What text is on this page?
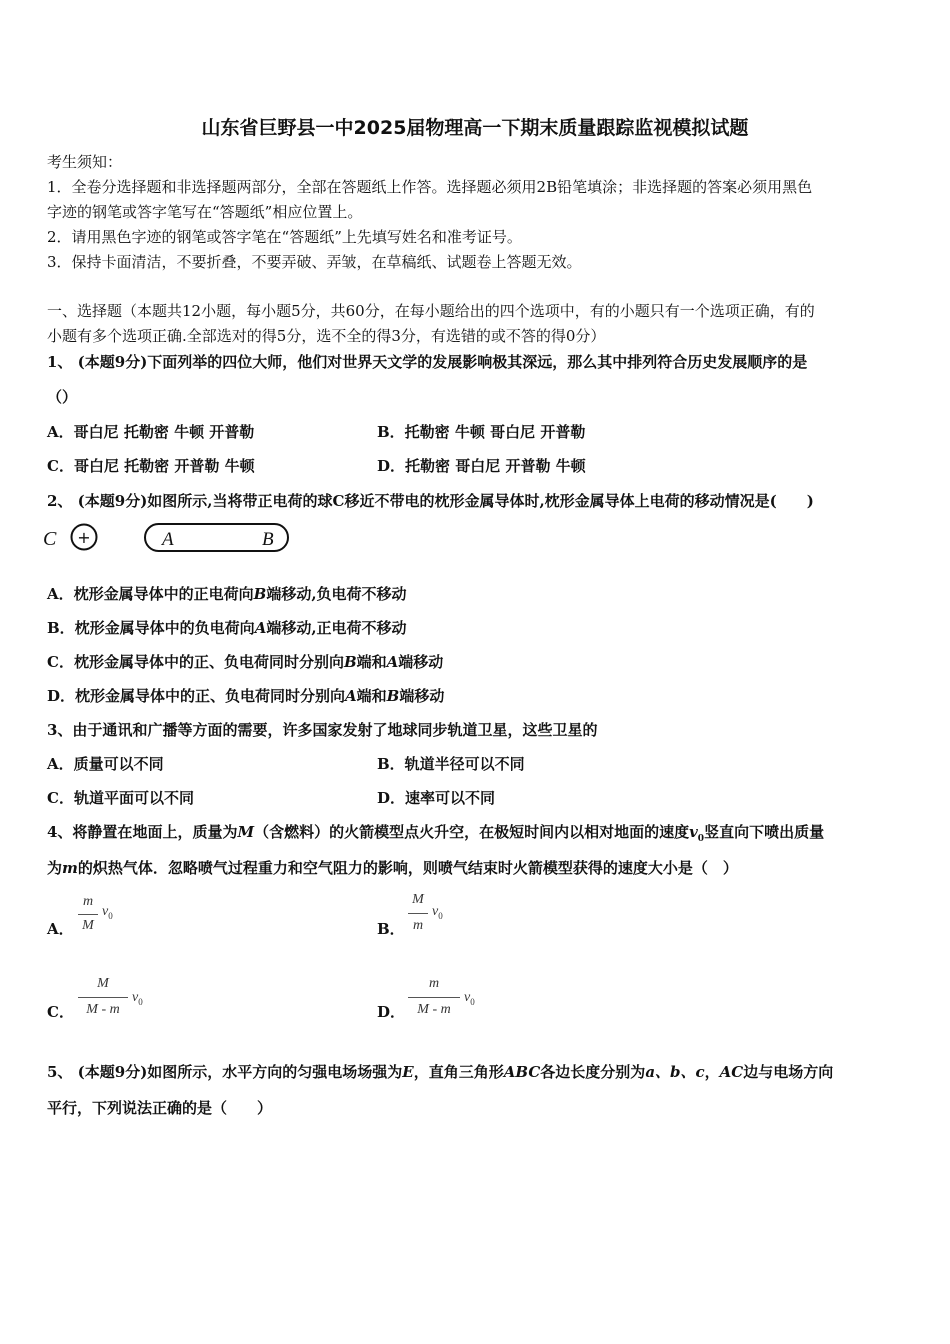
山东省巨野县一中2025届物理高一下期末质量跟踪监视模拟试题
考生须知：
1．全卷分选择题和非选择题两部分，全部在答题纸上作答。选择题必须用2B铅笔填涂；非选择题的答案必须用黑色
字迹的钢笔或答字笔写在“答题纸”相应位置上。
2．请用黑色字迹的钢笔或答字笔在“答题纸”上先填写姓名和准考证号。
3．保持卡面清洁，不要折叠，不要弄破、弄皱，在草稿纸、试题卷上答题无效。
一、选择题（本题共12小题，每小题5分，共60分，在每小题给出的四个选项中，有的小题只有一个选项正确，有的
小题有多个选项正确.全部选对的得5分，选不全的得3分，有选错的或不答的得0分）
1、 (本题9分)下面列举的四位大师，他们对世界天文学的发展影响极其深远，那么其中排列符合历史发展顺序的是
（）
A．哥白尼 托勒密 牛顿 开普勒	B．托勒密 牛顿 哥白尼 开普勒
C．哥白尼 托勒密 开普勒 牛顿	D．托勒密 哥白尼 开普勒 牛顿
2、 (本题9分)如图所示,当将带正电荷的球C移近不带电的枕形金属导体时,枕形金属导体上电荷的移动情况是(　　)
C +	A	B
A．枕形金属导体中的正电荷向B端移动,负电荷不移动
B．枕形金属导体中的负电荷向A端移动,正电荷不移动
C．枕形金属导体中的正、负电荷同时分别向B端和A端移动
D．枕形金属导体中的正、负电荷同时分别向A端和B端移动
3、由于通讯和广播等方面的需要，许多国家发射了地球同步轨道卫星，这些卫星的
A．质量可以不同	B．轨道半径可以不同
C．轨道平面可以不同	D．速率可以不同
4、将静置在地面上，质量为M（含燃料）的火箭模型点火升空，在极短时间内以相对地面的速度$v_0$竖直向下喷出质量
为m的炽热气体．忽略喷气过程重力和空气阻力的影响，则喷气结束时火箭模型获得的速度大小是（　）
A．
m
M
$v_0$
B．
M
m
$v_0$
C．
M
M - m
$v_0$
D．
m
M - m
$v_0$
5、 (本题9分)如图所示，水平方向的匀强电场场强为E，直角三角形ABC各边长度分别为a、b、c，AC边与电场方向
平行，下列说法正确的是（　　）
